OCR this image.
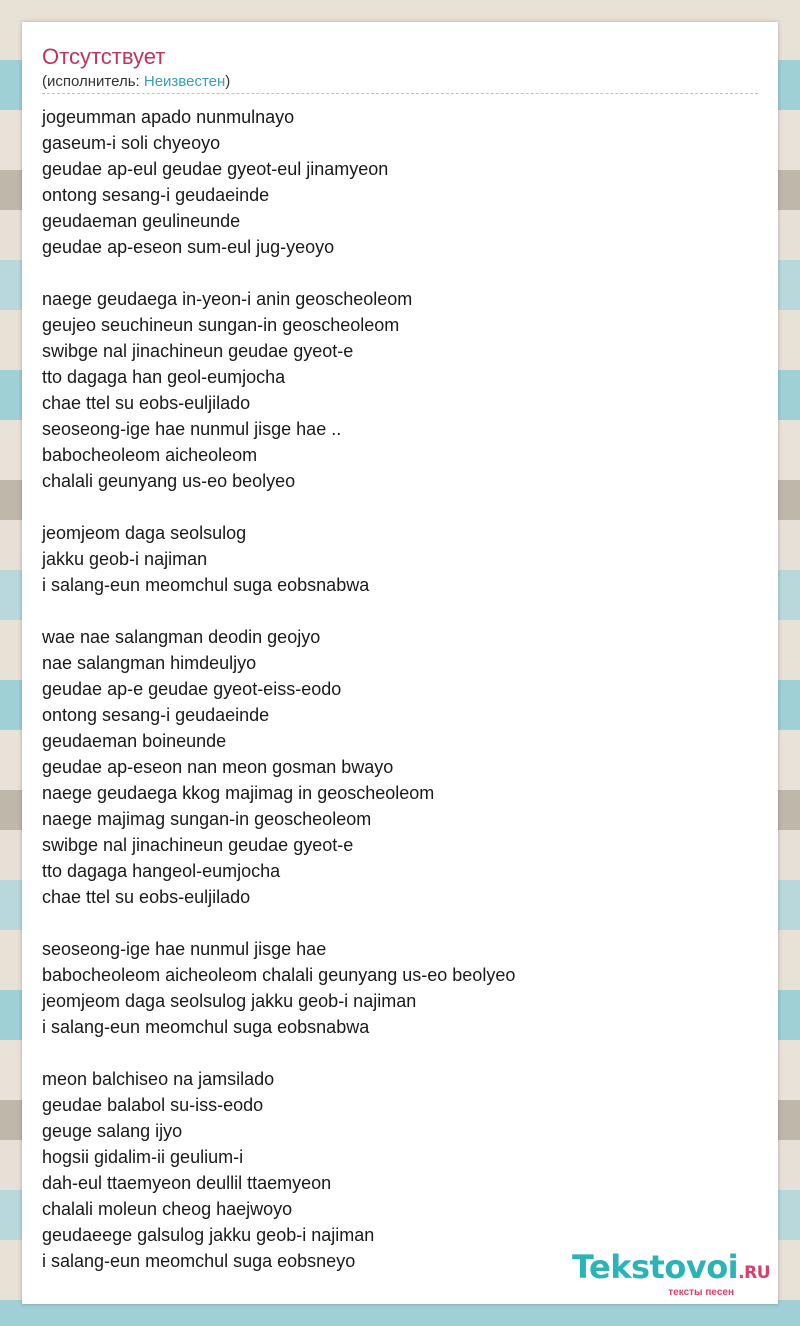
Отсутствует
(исполнитель: Неизвестен)
jogeumman apado nunmulnayo
gaseum-i soli chyeoyo
geudae ap-eul geudae gyeot-eul jinamyeon
ontong sesang-i geudaeinde
geudaeman geulineunde
geudae ap-eseon sum-eul jug-yeoyo
naege geudaega in-yeon-i anin geoscheoleom
geujeo seuchineun sungan-in geoscheoleom
swibge nal jinachineun geudae gyeot-e
tto dagaga han geol-eumjocha
chae ttel su eobs-euljilado
seoseong-ige hae nunmul jisge hae ..
babocheoleom aicheoleom
chalali geunyang us-eo beolyeo
jeomjeom daga seolsulog
jakku geob-i najiman
i salang-eun meomchul suga eobsnabwa
wae nae salangman deodin geojyo
nae salangman himdeuljyo
geudae ap-e geudae gyeot-eiss-eodo
ontong sesang-i geudaeinde
geudaeman boineunde
geudae ap-eseon nan meon gosman bwayo
naege geudaega kkog majimag in geoscheoleom
naege majimag sungan-in geoscheoleom
swibge nal jinachineun geudae gyeot-e
tto dagaga hangeol-eumjocha
chae ttel su eobs-euljilado
seoseong-ige hae nunmul jisge hae
babocheoleom aicheoleom chalali geunyang us-eo beolyeo
jeomjeom daga seolsulog jakku geob-i najiman
i salang-eun meomchul suga eobsnabwa
meon balchiseo na jamsilado
geudae balabol su-iss-eodo
geuge salang ijyo
hogsii gidalim-ii geulium-i
dah-eul ttaemyeon deullil ttaemyeon
chalali moleun cheog haejwoyo
geudaeege galsulog jakku geob-i najiman
i salang-eun meomchul suga eobsneyo	Tekstovoi.RU
тексты песен
